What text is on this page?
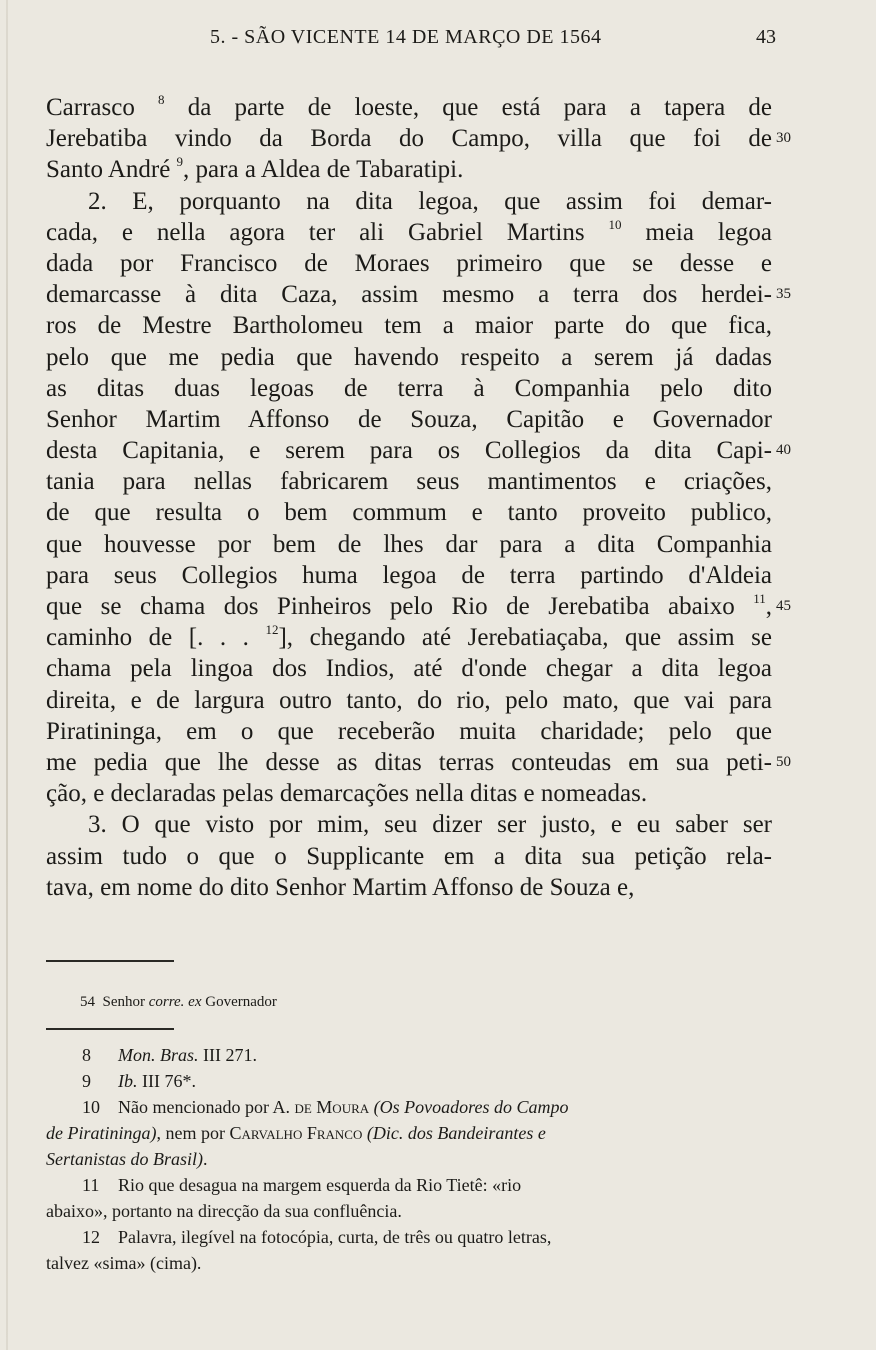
5. - SÃO VICENTE 14 DE MARÇO DE 1564	43
Carrasco $^8$ da parte de loeste, que está para a tapera de
Jerebatiba vindo da Borda do Campo, villa que foi de
Santo André $^9$, para a Aldea de Tabaratipi.
2. E, porquanto na dita legoa, que assim foi demar-
cada, e nella agora ter ali Gabriel Martins $^{10}$ meia legoa
dada por Francisco de Moraes primeiro que se desse e
demarcasse à dita Caza, assim mesmo a terra dos herdei-
ros de Mestre Bartholomeu tem a maior parte do que fica,
pelo que me pedia que havendo respeito a serem já dadas
as ditas duas legoas de terra à Companhia pelo dito
Senhor Martim Affonso de Souza, Capitão e Governador
desta Capitania, e serem para os Collegios da dita Capi-
tania para nellas fabricarem seus mantimentos e criações,
de que resulta o bem commum e tanto proveito publico,
que houvesse por bem de lhes dar para a dita Companhia
para seus Collegios huma legoa de terra partindo d'Aldeia
que se chama dos Pinheiros pelo Rio de Jerebatiba abaixo $^{11}$,
caminho de [. . . $^{12}$], chegando até Jerebatiaçaba, que assim se
chama pela lingoa dos Indios, até d'onde chegar a dita legoa
direita, e de largura outro tanto, do rio, pelo mato, que vai para
Piratininga, em o que receberão muita charidade; pelo que
me pedia que lhe desse as ditas terras conteudas em sua peti-
ção, e declaradas pelas demarcações nella ditas e nomeadas.
3. O que visto por mim, seu dizer ser justo, e eu saber ser
assim tudo o que o Supplicante em a dita sua petição rela-
tava, em nome do dito Senhor Martim Affonso de Souza e,
30
35
40
45
50
54 Senhor corre. ex Governador
8 Mon. Bras. III 271.
9 Ib. III 76*.
10 Não mencionado por A. de Moura (Os Povoadores do Campo
de Piratininga), nem por Carvalho Franco (Dic. dos Bandeirantes e
Sertanistas do Brasil).
11 Rio que desagua na margem esquerda da Rio Tietê: «rio
abaixo», portanto na direcção da sua confluência.
12 Palavra, ilegível na fotocópia, curta, de três ou quatro letras,
talvez «sima» (cima).
